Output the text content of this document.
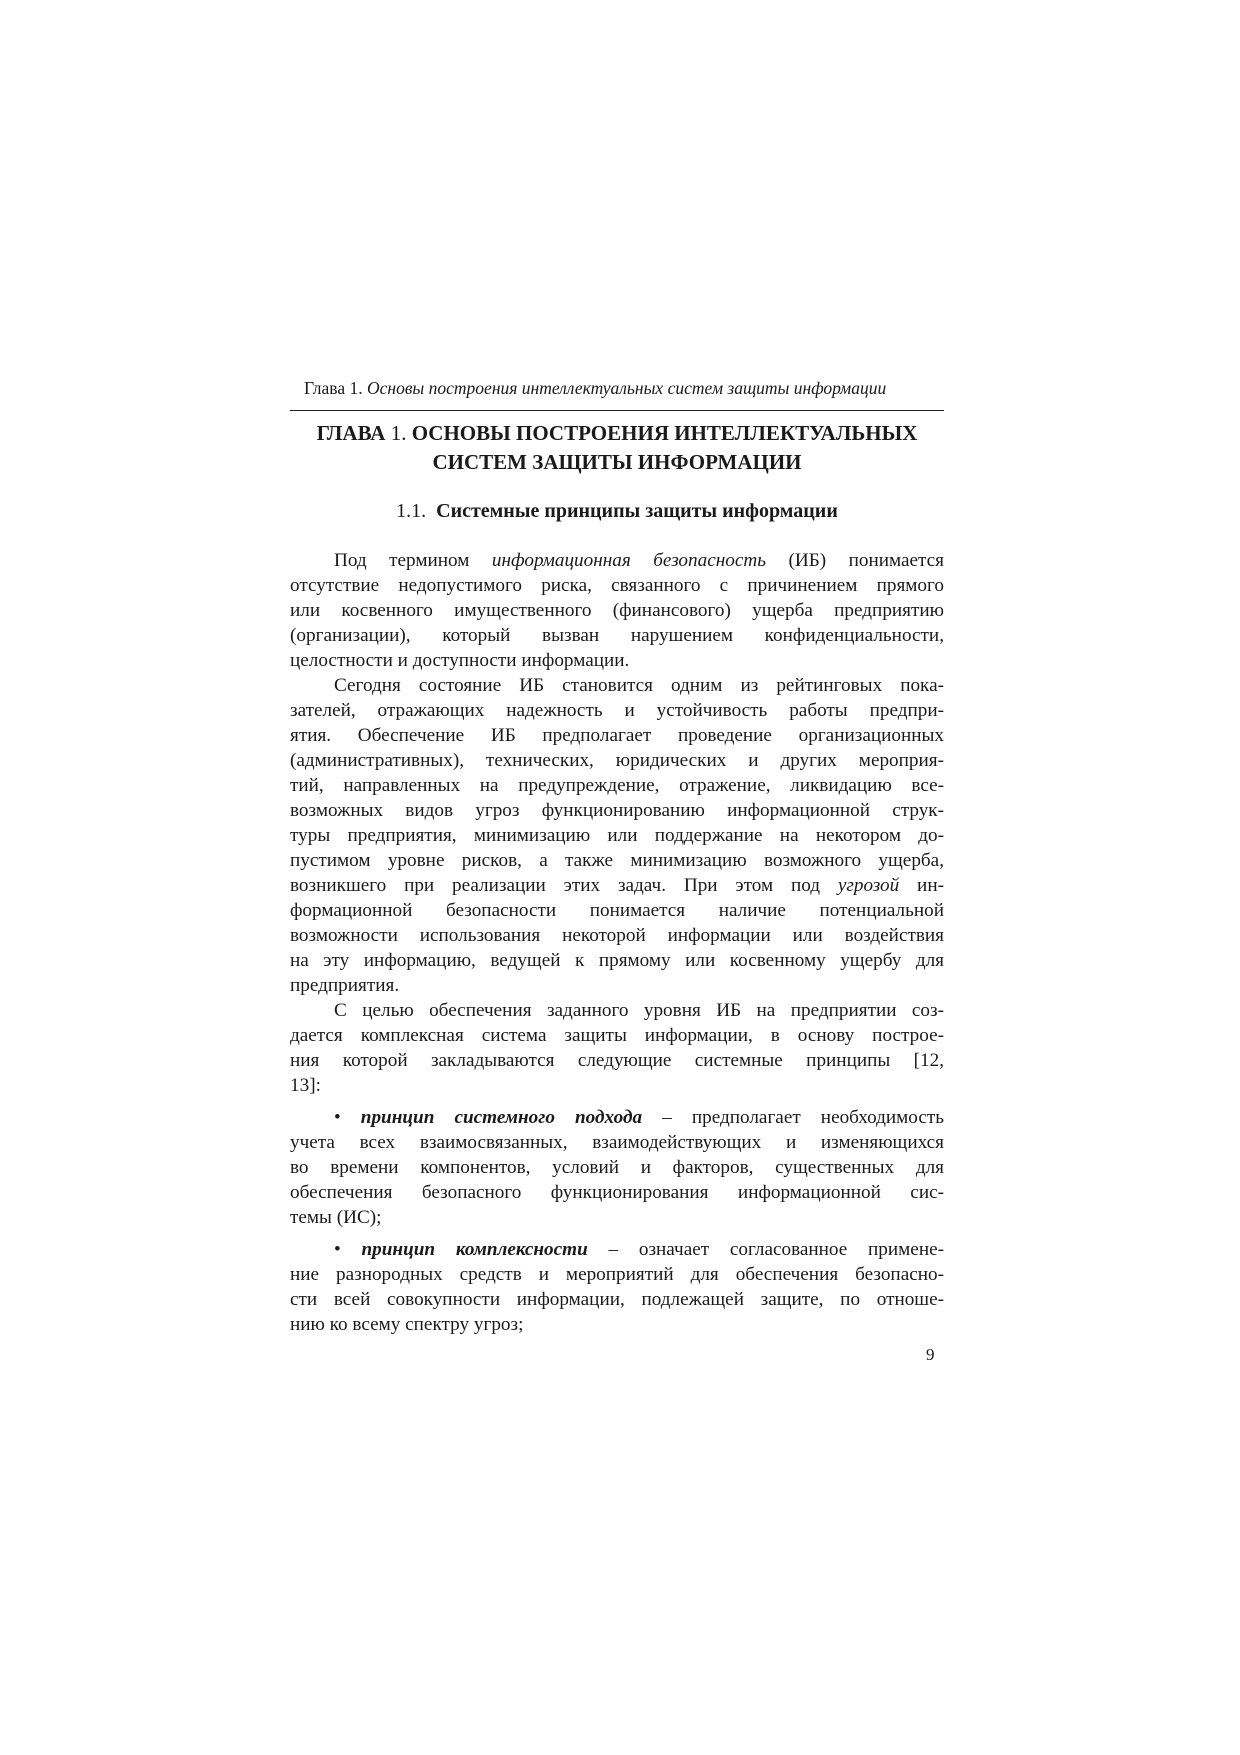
Глава 1. Основы построения интеллектуальных систем защиты информации
ГЛАВА 1. ОСНОВЫ ПОСТРОЕНИЯ ИНТЕЛЛЕКТУАЛЬНЫХ
СИСТЕМ ЗАЩИТЫ ИНФОРМАЦИИ
1.1. Системные принципы защиты информации
Под термином информационная безопасность (ИБ) понимается
отсутствие недопустимого риска, связанного с причинением прямого
или косвенного имущественного (финансового) ущерба предприятию
(организации), который вызван нарушением конфиденциальности,
целостности и доступности информации.
Сегодня состояние ИБ становится одним из рейтинговых пока-
зателей, отражающих надежность и устойчивость работы предпри-
ятия. Обеспечение ИБ предполагает проведение организационных
(административных), технических, юридических и других мероприя-
тий, направленных на предупреждение, отражение, ликвидацию все-
возможных видов угроз функционированию информационной струк-
туры предприятия, минимизацию или поддержание на некотором до-
пустимом уровне рисков, а также минимизацию возможного ущерба,
возникшего при реализации этих задач. При этом под угрозой ин-
формационной безопасности понимается наличие потенциальной
возможности использования некоторой информации или воздействия
на эту информацию, ведущей к прямому или косвенному ущербу для
предприятия.
С целью обеспечения заданного уровня ИБ на предприятии соз-
дается комплексная система защиты информации, в основу построе-
ния которой закладываются следующие системные принципы [12,
13]:
• принцип системного подхода – предполагает необходимость
учета всех взаимосвязанных, взаимодействующих и изменяющихся
во времени компонентов, условий и факторов, существенных для
обеспечения безопасного функционирования информационной сис-
темы (ИС);
• принцип комплексности – означает согласованное примене-
ние разнородных средств и мероприятий для обеспечения безопасно-
сти всей совокупности информации, подлежащей защите, по отноше-
нию ко всему спектру угроз;
9
